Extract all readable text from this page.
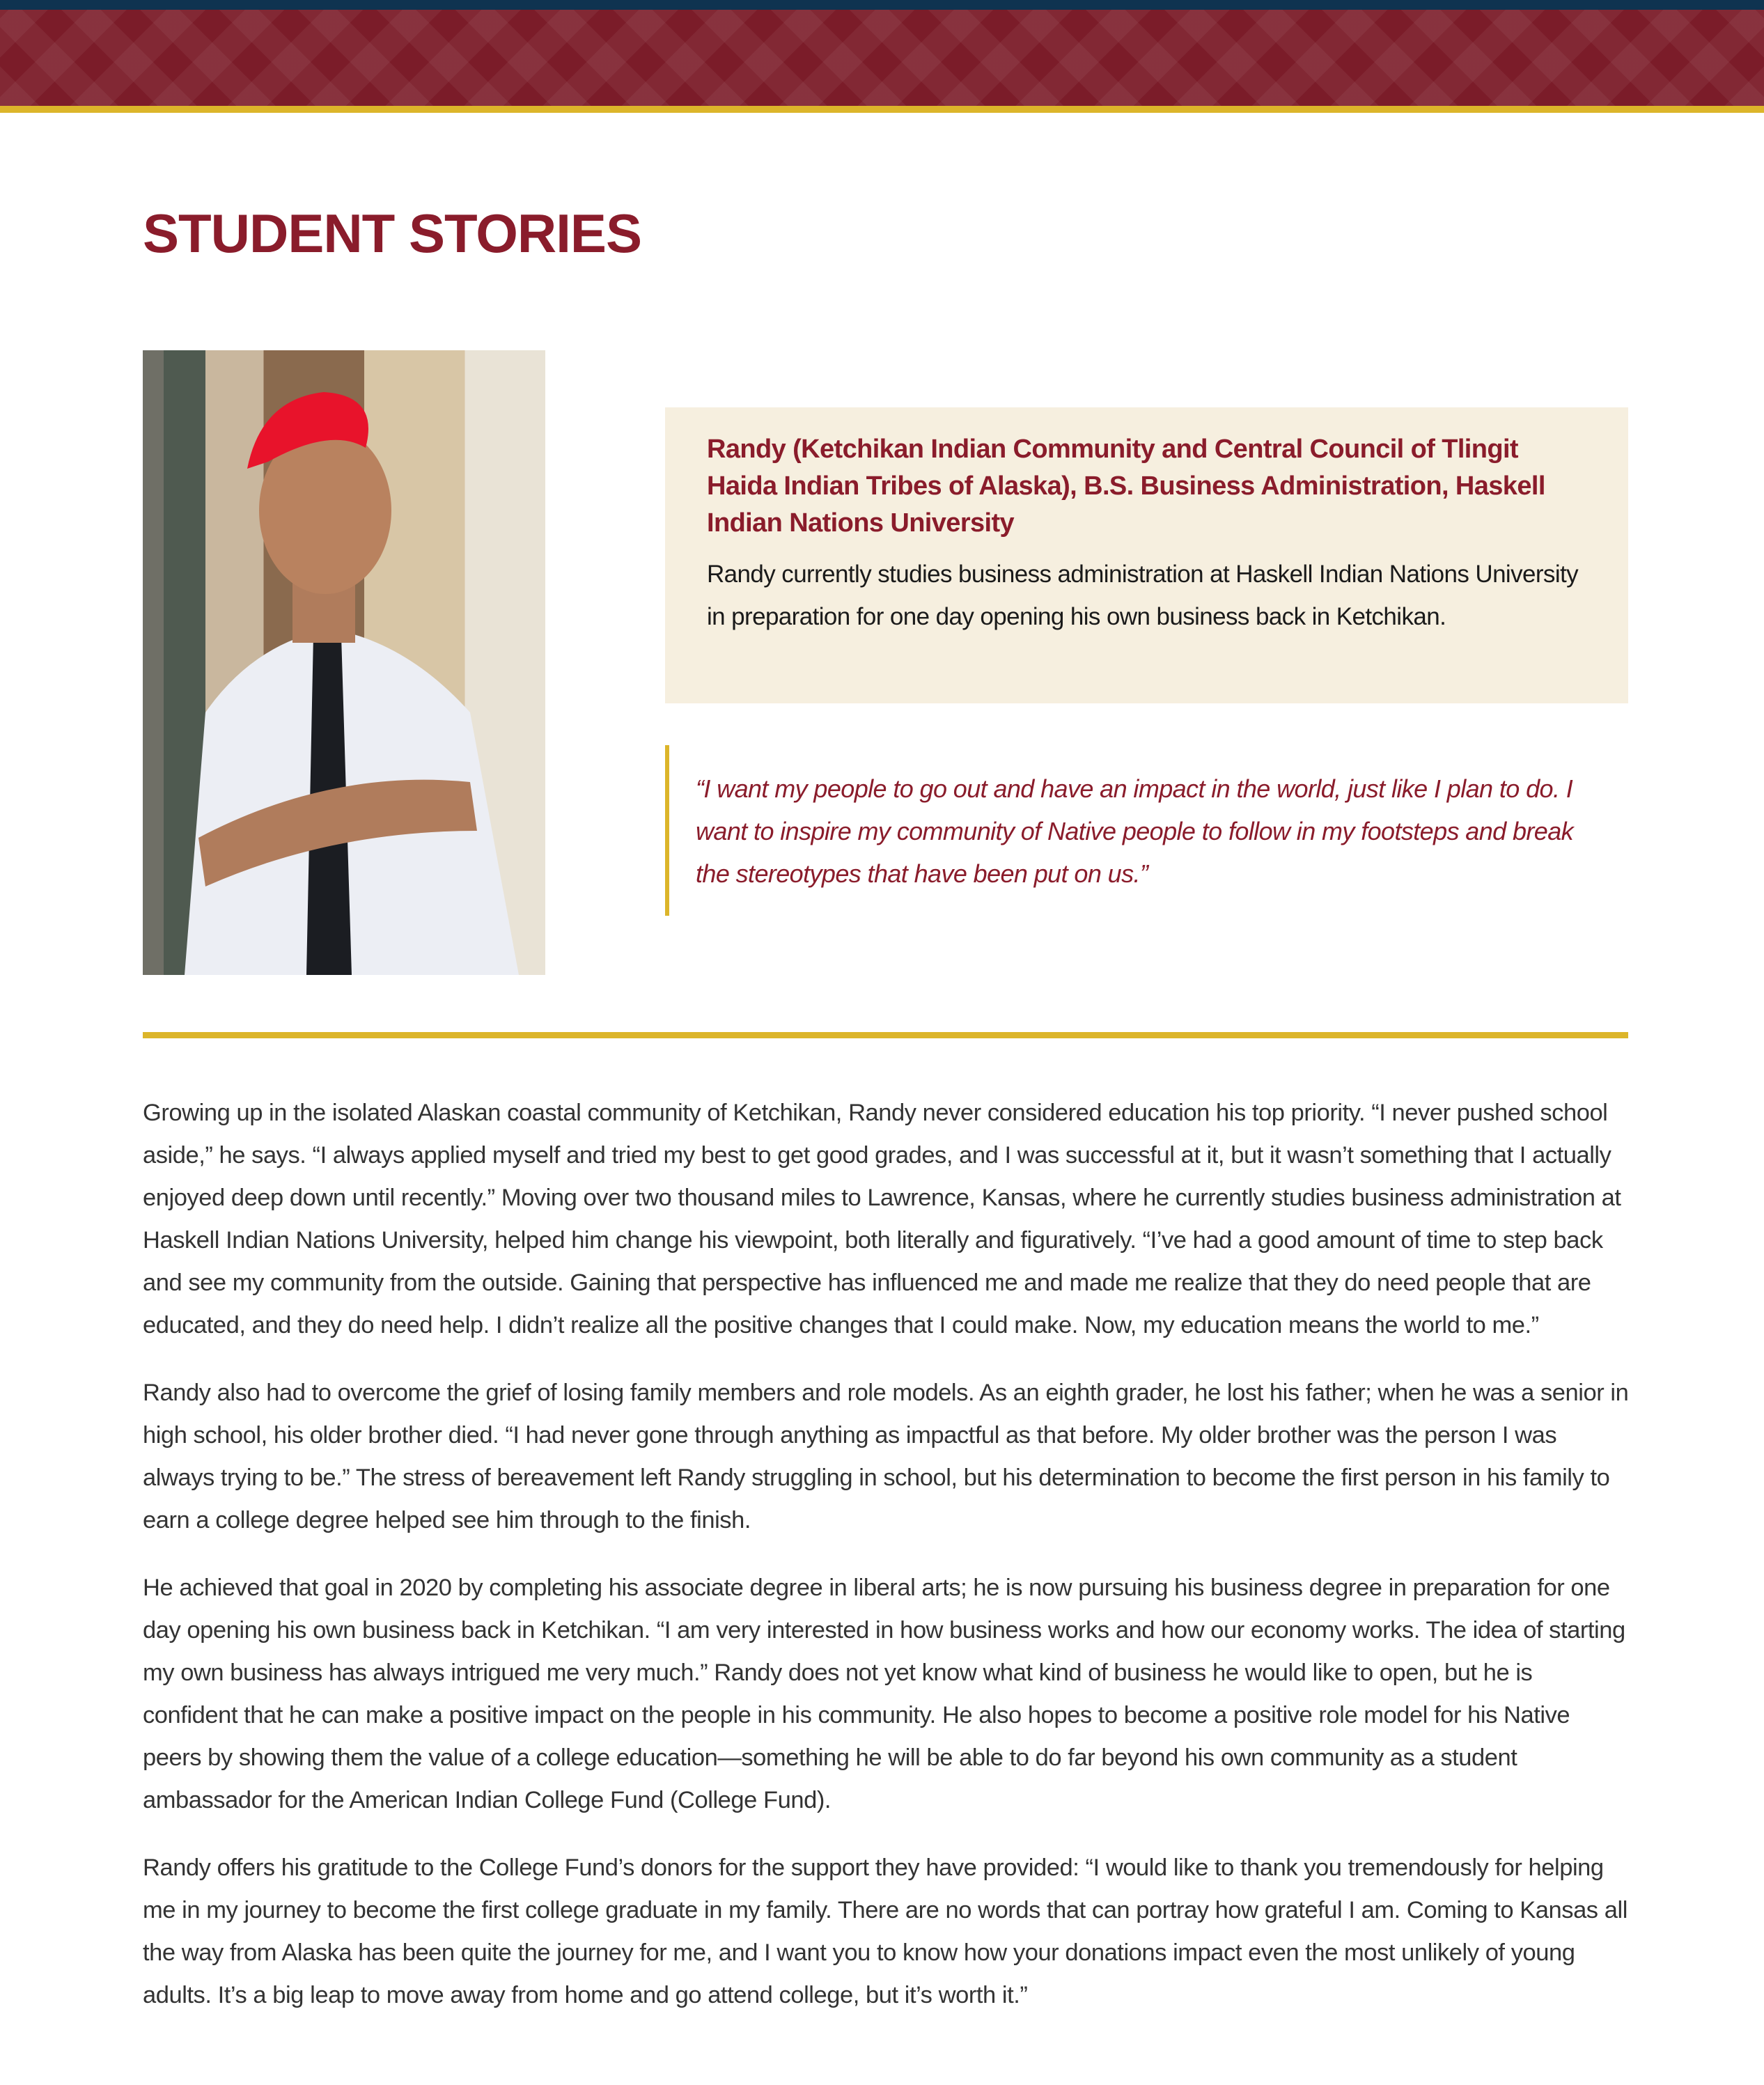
STUDENT STORIES
Randy (Ketchikan Indian Community and Central Council of Tlingit Haida Indian Tribes of Alaska), B.S. Business Administration, Haskell Indian Nations University
Randy currently studies business administration at Haskell Indian Nations University in preparation for one day opening his own business back in Ketchikan.
“I want my people to go out and have an impact in the world, just like I plan to do. I want to inspire my community of Native people to follow in my footsteps and break the stereotypes that have been put on us.”

Growing up in the isolated Alaskan coastal community of Ketchikan, Randy never considered education his top priority. “I never pushed school aside,” he says. “I always applied myself and tried my best to get good grades, and I was successful at it, but it wasn’t something that I actually enjoyed deep down until recently.” Moving over two thousand miles to Lawrence, Kansas, where he currently studies business administration at Haskell Indian Nations University, helped him change his viewpoint, both literally and figuratively. “I’ve had a good amount of time to step back and see my community from the outside. Gaining that perspective has influenced me and made me realize that they do need people that are educated, and they do need help. I didn’t realize all the positive changes that I could make. Now, my education means the world to me.”

Randy also had to overcome the grief of losing family members and role models. As an eighth grader, he lost his father; when he was a senior in high school, his older brother died. “I had never gone through anything as impactful as that before. My older brother was the person I was always trying to be.” The stress of bereavement left Randy struggling in school, but his determination to become the first person in his family to earn a college degree helped see him through to the finish.

He achieved that goal in 2020 by completing his associate degree in liberal arts; he is now pursuing his business degree in preparation for one day opening his own business back in Ketchikan. “I am very interested in how business works and how our economy works. The idea of starting my own business has always intrigued me very much.” Randy does not yet know what kind of business he would like to open, but he is confident that he can make a positive impact on the people in his community. He also hopes to become a positive role model for his Native peers by showing them the value of a college education—something he will be able to do far beyond his own community as a student ambassador for the American Indian College Fund (College Fund).

Randy offers his gratitude to the College Fund’s donors for the support they have provided: “I would like to thank you tremendously for helping me in my journey to become the first college graduate in my family. There are no words that can portray how grateful I am. Coming to Kansas all the way from Alaska has been quite the journey for me, and I want you to know how your donations impact even the most unlikely of young adults. It’s a big leap to move away from home and go attend college, but it’s worth it.”
